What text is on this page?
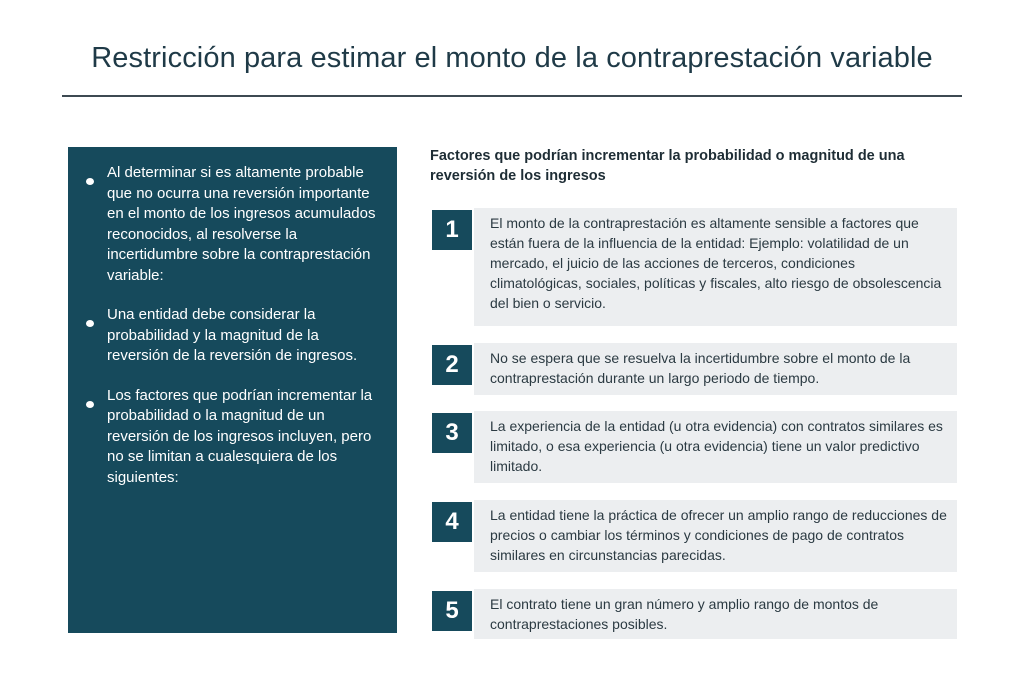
Restricción para estimar el monto de la contraprestación variable
Al determinar si es altamente probable que no ocurra una reversión importante en el monto de los ingresos acumulados reconocidos, al resolverse la incertidumbre sobre la contraprestación variable:
Una entidad debe considerar la probabilidad y la magnitud de la reversión de la reversión de ingresos.
Los factores que podrían incrementar la probabilidad o la magnitud de un reversión de los ingresos incluyen, pero no se limitan a cualesquiera de los siguientes:
Factores que podrían incrementar la probabilidad o magnitud de una reversión de los ingresos
1	El monto de la contraprestación es altamente sensible a factores que están fuera de la influencia de la entidad: Ejemplo: volatilidad de un mercado, el juicio de las acciones de terceros, condiciones climatológicas, sociales, políticas y fiscales, alto riesgo de obsolescencia del bien o servicio.
2	No se espera que se resuelva la incertidumbre sobre el monto de la contraprestación durante un largo periodo de tiempo.
3	La experiencia de la entidad (u otra evidencia) con contratos similares es limitado, o esa experiencia (u otra evidencia) tiene un valor predictivo limitado.
4	La entidad tiene la práctica de ofrecer un amplio rango de reducciones de precios o cambiar los términos y condiciones de pago de contratos similares en circunstancias parecidas.
5	El contrato tiene un gran número y amplio rango de montos de contraprestaciones posibles.
